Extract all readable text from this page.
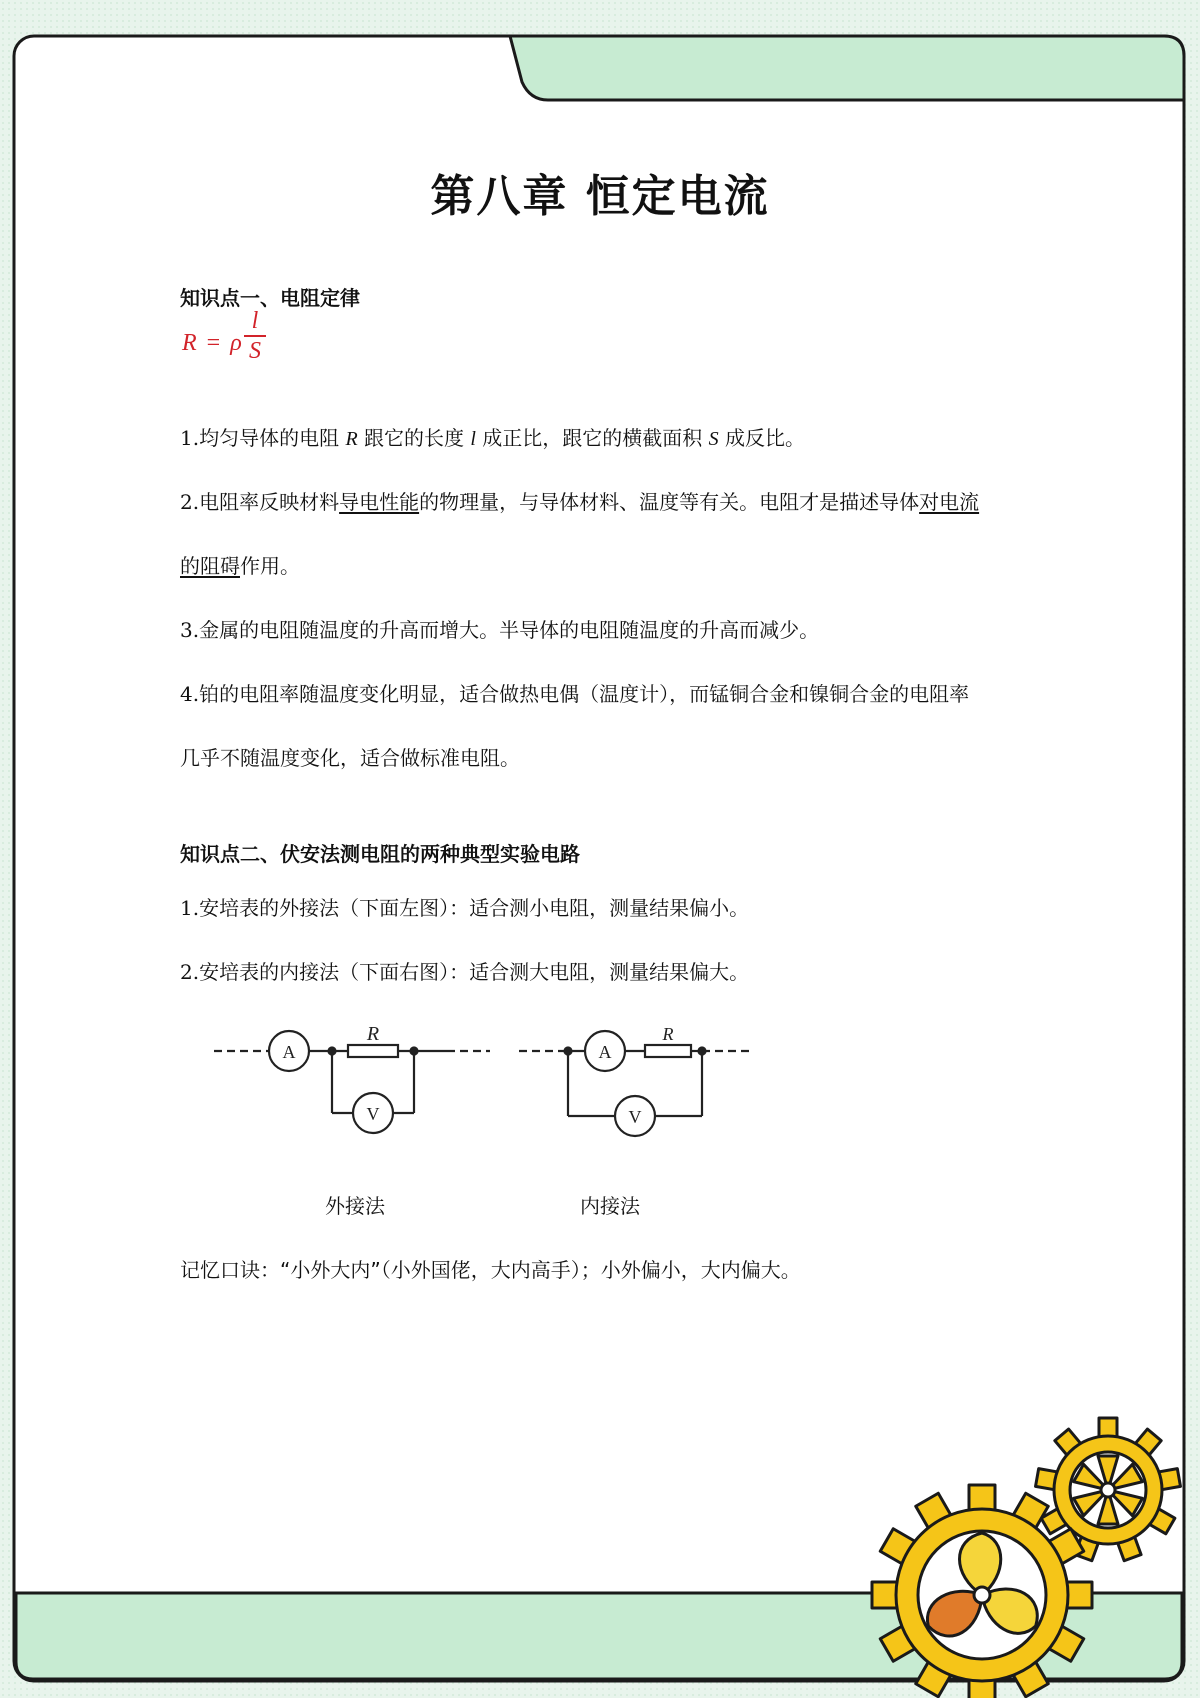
第八章 恒定电流
知识点一、电阻定律
R = ρ
l
S
1.均匀导体的电阻 R 跟它的长度 l 成正比，跟它的横截面积 S 成反比。
2.电阻率反映材料导电性能的物理量，与导体材料、温度等有关。电阻才是描述导体对电流
的阻碍作用。
3.金属的电阻随温度的升高而增大。半导体的电阻随温度的升高而减少。
4.铂的电阻率随温度变化明显，适合做热电偶（温度计），而锰铜合金和镍铜合金的电阻率
几乎不随温度变化，适合做标准电阻。
知识点二、伏安法测电阻的两种典型实验电路
1.安培表的外接法（下面左图）：适合测小电阻，测量结果偏小。
2.安培表的内接法（下面右图）：适合测大电阻，测量结果偏大。
A
V
R
A
V
R
外接法	内接法
记忆口诀：“小外大内”（小外国佬，大内高手）；小外偏小，大内偏大。
